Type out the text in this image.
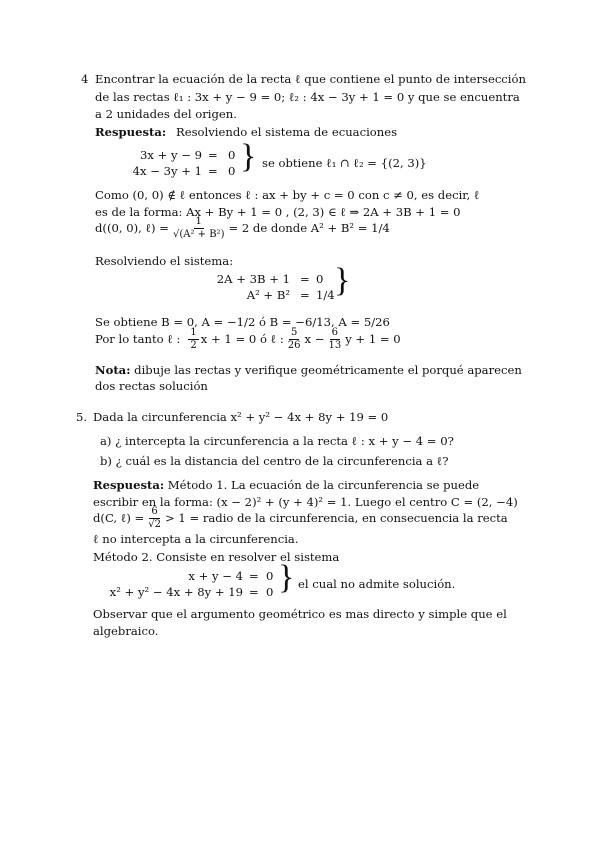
4 Encontrar la ecuación de la recta ℓ que contiene el punto de intersección
de las rectas ℓ₁ : 3x + y − 9 = 0; ℓ₂ : 4x − 3y + 1 = 0 y que se encuentra
a 2 unidades del origen.
Respuesta: Resolviendo el sistema de ecuaciones
3x + y − 9 = 0
4x − 3y + 1 = 0 } se obtiene ℓ₁ ∩ ℓ₂ = {(2, 3)}
Como (0, 0) ∉ ℓ entonces ℓ : ax + by + c = 0 con c ≠ 0, es decir, ℓ
es de la forma: Ax + By + 1 = 0 , (2, 3) ∈ ℓ ⇒ 2A + 3B + 1 = 0
d((0, 0), ℓ) = $\frac{1}{\text{√(A² + B²)}} = 2$ de donde A² + B² = 1/4
Resolviendo el sistema:
2A + 3B + 1 = 0
A² + B² = 1/4 }
Se obtiene B = 0, A = −1/2 ó B = −6/13, A = 5/26
Por lo tanto ℓ : $\frac{1}{2}$ x + 1 = 0 ó ℓ : $\frac{5}{26}$ $x - \frac{6}{13}$ y + 1 = 0
Nota: dibuje las rectas y verifique geométricamente el porqué aparecen
dos rectas solución
5. Dada la circunferencia x² + y² − 4x + 8y + 19 = 0
a) ¿ intercepta la circunferencia a la recta ℓ : x + y − 4 = 0?
b) ¿ cuál es la distancia del centro de la circunferencia a ℓ?
Respuesta: Método 1. La ecuación de la circunferencia se puede
escribir en la forma: (x − 2)² + (y + 4)² = 1. Luego el centro C = (2, −4)
d(C, ℓ) = $\frac{6}{√2} > 1$ = radio de la circunferencia, en consecuencia la recta
ℓ no intercepta a la circunferencia.
Método 2. Consiste en resolver el sistema
x + y − 4 = 0
x² + y² − 4x + 8y + 19 = 0 } el cual no admite solución.
Observar que el argumento geométrico es mas directo y simple que el
algebraico.
